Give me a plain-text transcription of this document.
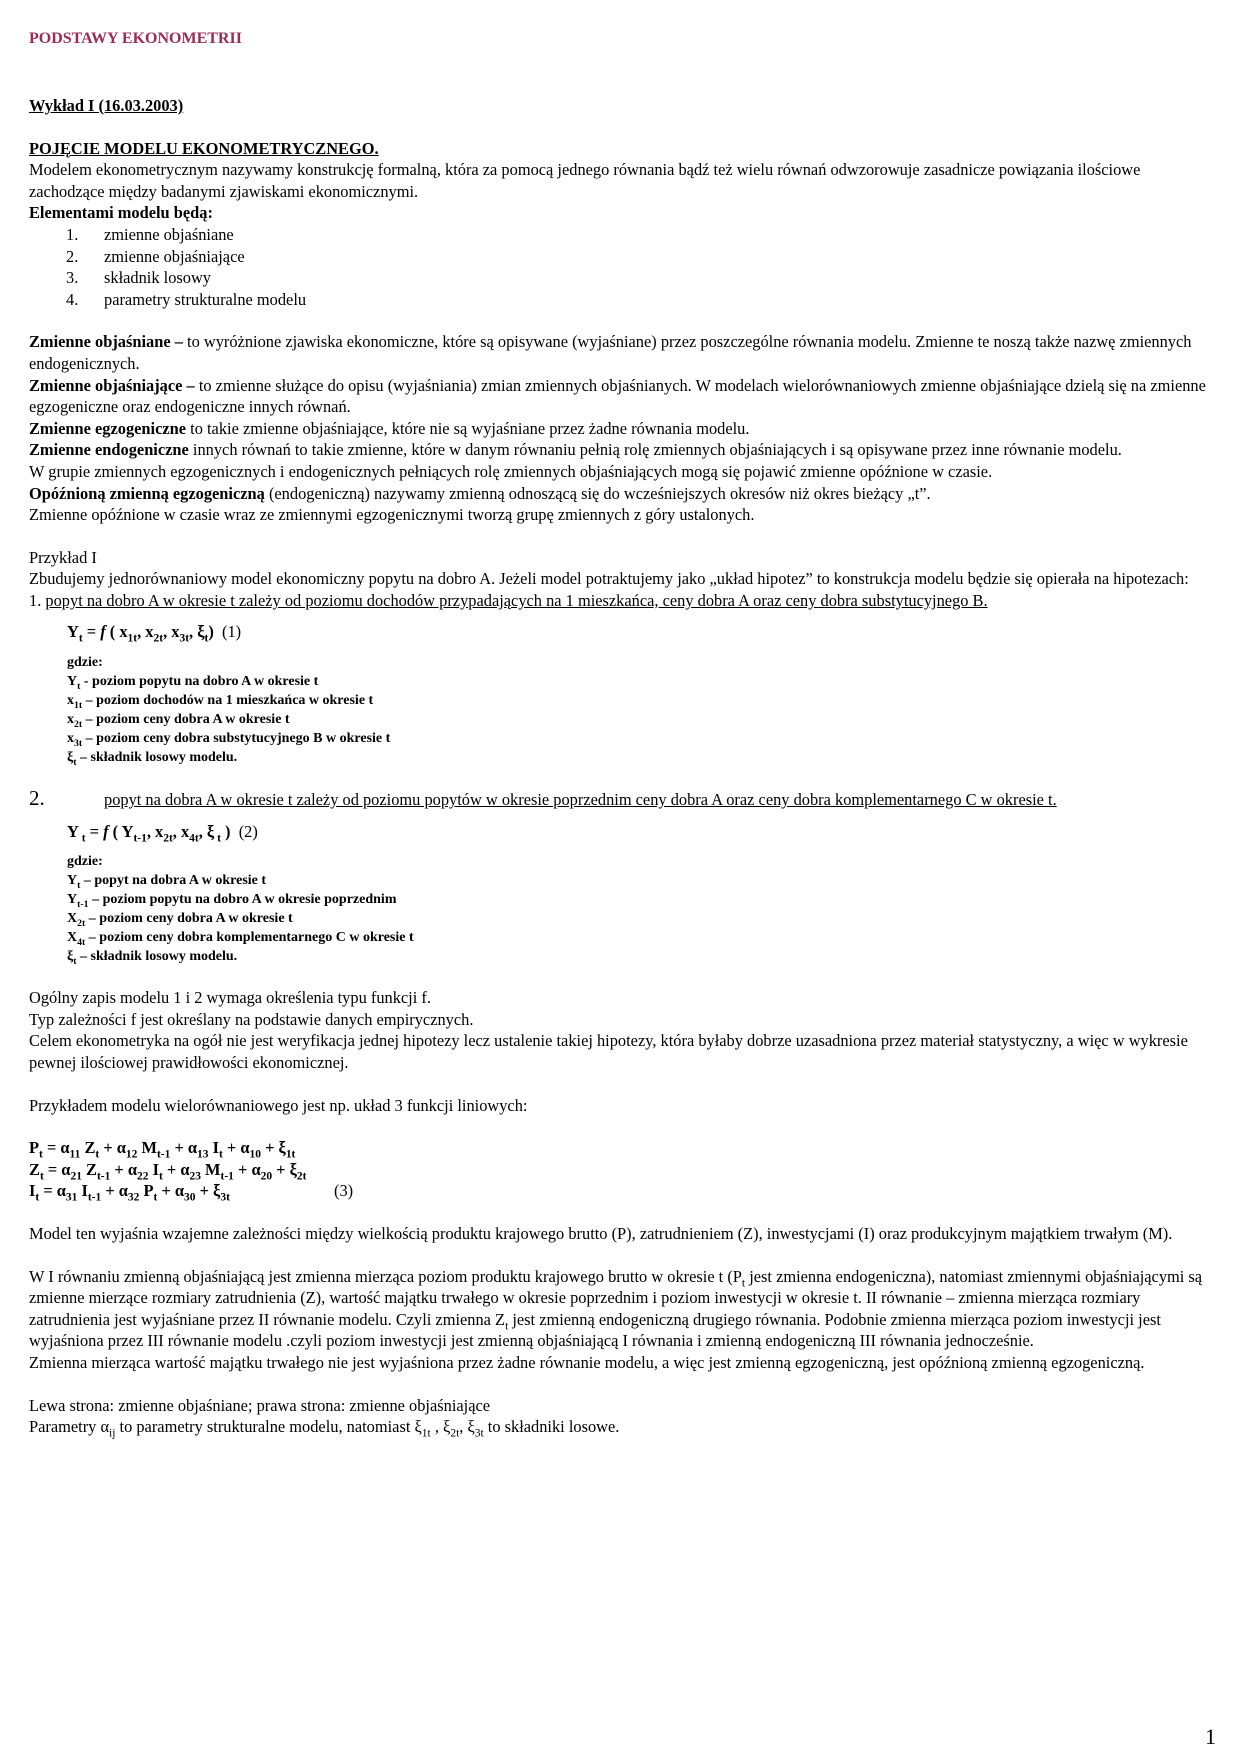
PODSTAWY EKONOMETRII

Wykład I (16.03.2003)

POJĘCIE MODELU EKONOMETRYCZNEGO.

Modelem ekonometrycznym nazywamy konstrukcję formalną, która za pomocą jednego równania bądź też wielu równań odwzorowuje zasadnicze powiązania ilościowe zachodzące między badanymi zjawiskami ekonomicznymi.

Elementami modelu będą:

1. zmienne objaśniane
2. zmienne objaśniające
3. składnik losowy
4. parametry strukturalne modelu

Zmienne objaśniane – to wyróżnione zjawiska ekonomiczne, które są opisywane (wyjaśniane) przez poszczególne równania modelu. Zmienne te noszą także nazwę zmiennych endogenicznych.

Zmienne objaśniające – to zmienne służące do opisu (wyjaśniania) zmian zmiennych objaśnianych. W modelach wielorównaniowych zmienne objaśniające dzielą się na zmienne egzogeniczne oraz endogeniczne innych równań.

Zmienne egzogeniczne to takie zmienne objaśniające, które nie są wyjaśniane przez żadne równania modelu.

Zmienne endogeniczne innych równań to takie zmienne, które w danym równaniu pełnią rolę zmiennych objaśniających i są opisywane przez inne równanie modelu.

W grupie zmiennych egzogenicznych i endogenicznych pełniących rolę zmiennych objaśniających mogą się pojawić zmienne opóźnione w czasie.

Opóźnioną zmienną egzogeniczną (endogeniczną) nazywamy zmienną odnoszącą się do wcześniejszych okresów niż okres bieżący „t”.

Zmienne opóźnione w czasie wraz ze zmiennymi egzogenicznymi tworzą grupę zmiennych z góry ustalonych.

Przykład I

Zbudujemy jednorównaniowy model ekonomiczny popytu na dobro A. Jeżeli model potraktujemy jako „układ hipotez” to konstrukcja modelu będzie się opierała na hipotezach:

1. popyt na dobro A w okresie t zależy od poziomu dochodów przypadających na 1 mieszkańca, ceny dobra A oraz ceny dobra substytucyjnego B.

$Y_t = f$ ( $x_{1t}$, $x_{2t}$, $x_{3t}$, $\xi_t$)  (1)

gdzie:
$Y_t$ - poziom popytu na dobro A w okresie t
$x_{1t}$ – poziom dochodów na 1 mieszkańca w okresie t
$x_{2t}$ – poziom ceny dobra A w okresie t
$x_{3t}$ – poziom ceny dobra substytucyjnego B w okresie t
$\xi_t$ – składnik losowy modelu.

2.	popyt na dobra A w okresie t zależy od poziomu popytów w okresie poprzednim ceny dobra A oraz ceny dobra komplementarnego C w okresie t.

Y $_t$ = f ( $Y_{t-1}$, $x_{2t}$, $x_{4t}$, ξ $_t$ )  (2)

gdzie:
$Y_t$ – popyt na dobra A w okresie t
$Y_{t-1}$ – poziom popytu na dobro A w okresie poprzednim
$X_{2t}$ – poziom ceny dobra A w okresie t
$X_{4t}$ – poziom ceny dobra komplementarnego C w okresie t
$\xi_t$ – składnik losowy modelu.

Ogólny zapis modelu 1 i 2 wymaga określenia typu funkcji f.

Typ zależności f jest określany na podstawie danych empirycznych.

Celem ekonometryka na ogół nie jest weryfikacja jednej hipotezy lecz ustalenie takiej hipotezy, która byłaby dobrze uzasadniona przez materiał statystyczny, a więc w wykresie pewnej ilościowej prawidłowości ekonomicznej.

Przykładem modelu wielorównaniowego jest np. układ 3 funkcji liniowych:

$P_t = \alpha_{11}$ $Z_t + \alpha_{12}$ $M_{t-1} + \alpha_{13}$ $I_t + \alpha_{10} + \xi_{1t}$
$Z_t = \alpha_{21}$ $Z_{t-1} + \alpha_{22}$ $I_t + \alpha_{23}$ $M_{t-1} + \alpha_{20} + \xi_{2t}$
$I_t = \alpha_{31}$ $I_{t-1} + \alpha_{32}$ $P_t + \alpha_{30} + \xi_{3t}$	(3)

Model ten wyjaśnia wzajemne zależności między wielkością produktu krajowego brutto (P), zatrudnieniem (Z), inwestycjami (I) oraz produkcyjnym majątkiem trwałym (M).

W I równaniu zmienną objaśniającą jest zmienna mierząca poziom produktu krajowego brutto w okresie t ($P_t$ jest zmienna endogeniczna), natomiast zmiennymi objaśniającymi są zmienne mierzące rozmiary zatrudnienia (Z), wartość majątku trwałego w okresie poprzednim i poziom inwestycji w okresie t. II równanie – zmienna mierząca rozmiary zatrudnienia jest wyjaśniane przez II równanie modelu. Czyli zmienna $Z_t$ jest zmienną endogeniczną drugiego równania. Podobnie zmienna mierząca poziom inwestycji jest wyjaśniona przez III równanie modelu .czyli poziom inwestycji jest zmienną objaśniającą I równania i zmienną endogeniczną III równania jednocześnie.

Zmienna mierząca wartość majątku trwałego nie jest wyjaśniona przez żadne równanie modelu, a więc jest zmienną egzogeniczną, jest opóźnioną zmienną egzogeniczną.

Lewa strona: zmienne objaśniane; prawa strona: zmienne objaśniające

Parametry $\alpha_{ij}$ to parametry strukturalne modelu, natomiast $\xi_{1t}$ , $\xi_{2t}$, $\xi_{3t}$ to składniki losowe.

1
